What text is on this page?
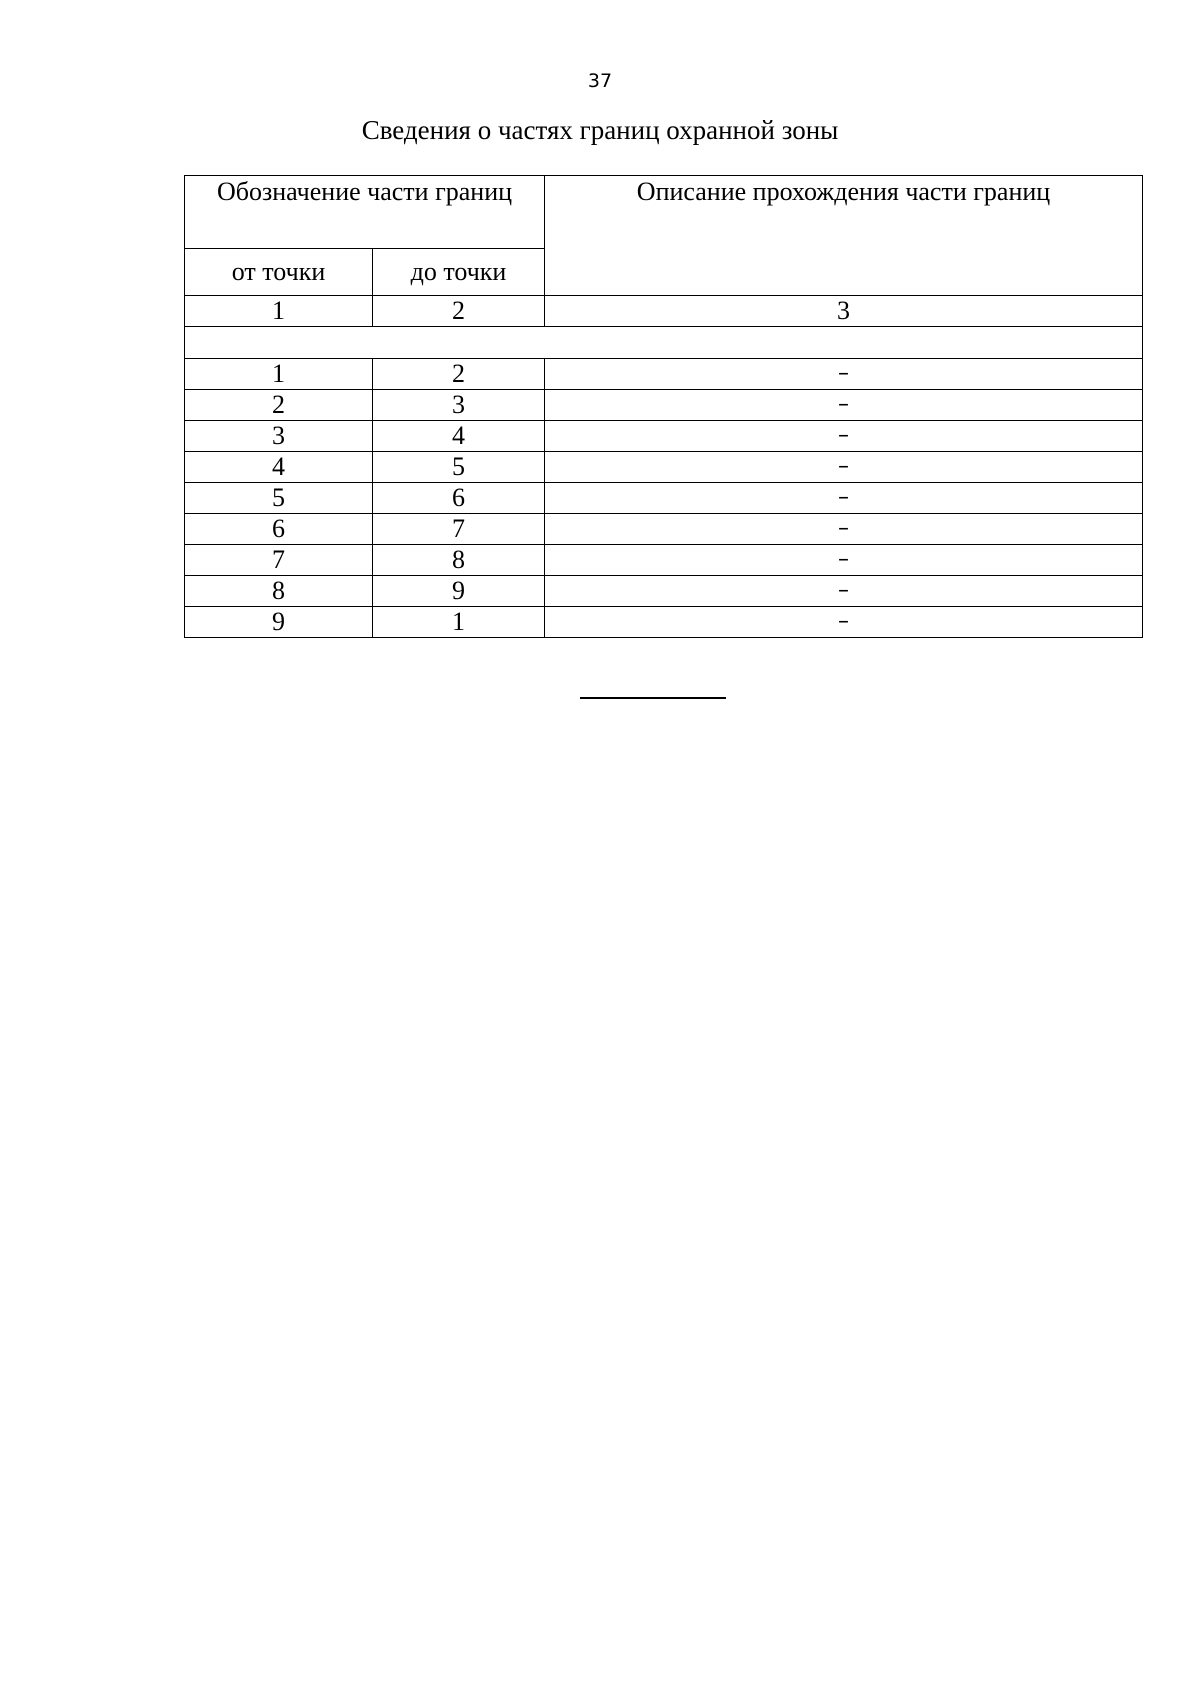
37
Сведения о частях границ охранной зоны
Обозначение части границ		Описание прохождения части границ

от точки	до точки	
1	2	3

1	2	–
2	3	–
3	4	–
4	5	–
5	6	–
6	7	–
7	8	–
8	9	–
9	1	–
